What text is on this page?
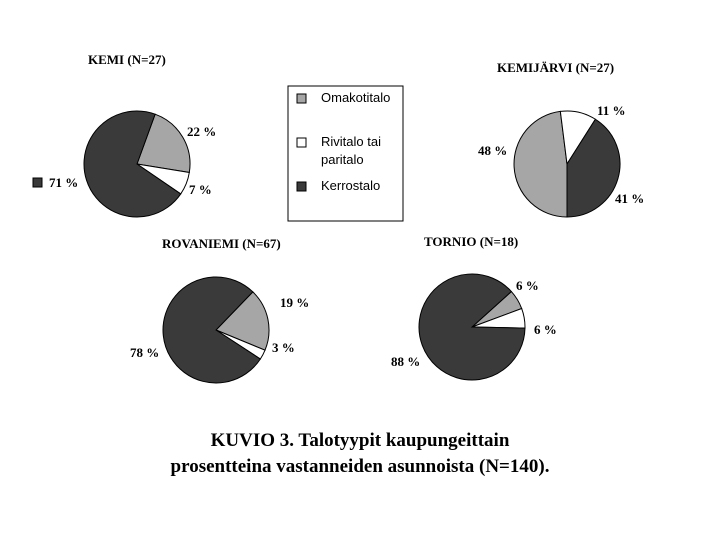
KEMI (N=27)
22 %
7 %
71 %
KEMIJÄRVI (N=27)
48 %
11 %
41 %
ROVANIEMI (N=67)
19 %
3 %
78 %
TORNIO (N=18)
6 %
6 %
88 %
Omakotitalo
Rivitalo tai
paritalo
Kerrostalo
KUVIO 3. Talotyypit kaupungeittain
prosentteina vastanneiden asunnoista (N=140).
